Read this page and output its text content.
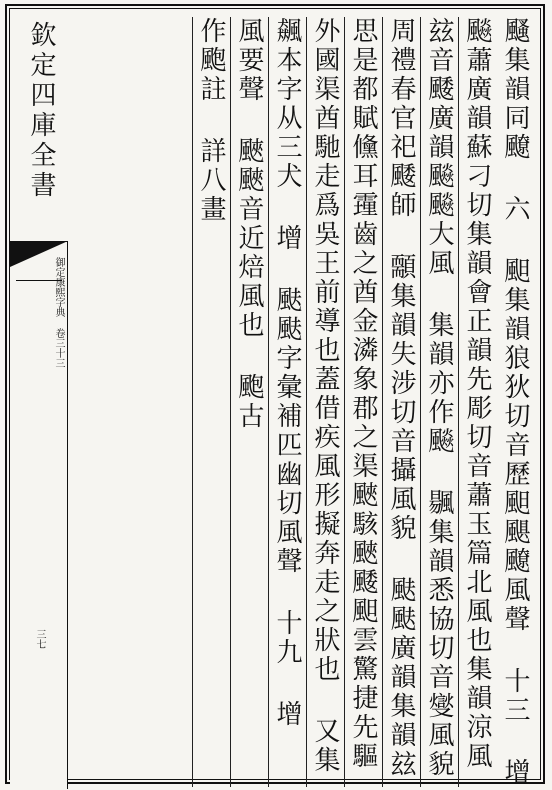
欽定四庫全書
御定康熙字典 卷三十三
三七
颾集韻同飉 六 䫻集韻狼狄切音歷䫻颶飉風聲 十三 增
飈蕭廣韻蘇刁切集韻會正韻先彫切音蕭玉篇北風也集韻涼風
玆音䬐廣韻飈飈大風 集韻亦作飈 䬗集韻悉協切音燮風貌
周禮春官祀䬐師 䫱集韻失涉切音攝風貌 颫颫廣韻集韻玆
思是都賦儵耳䨪齒之酋金潾象郡之渠䬊駭䬊䬐䫻雲驚捷先驅
外國渠酋馳走爲吳王前導也蓋借疾風形擬奔走之狀也 又集
飆本字从三犬 增 颫颫字彙補匹幽切風聲 十九 增
風要聲 䬊䬊音近焙風也 颮古
作颮註 詳八畫
